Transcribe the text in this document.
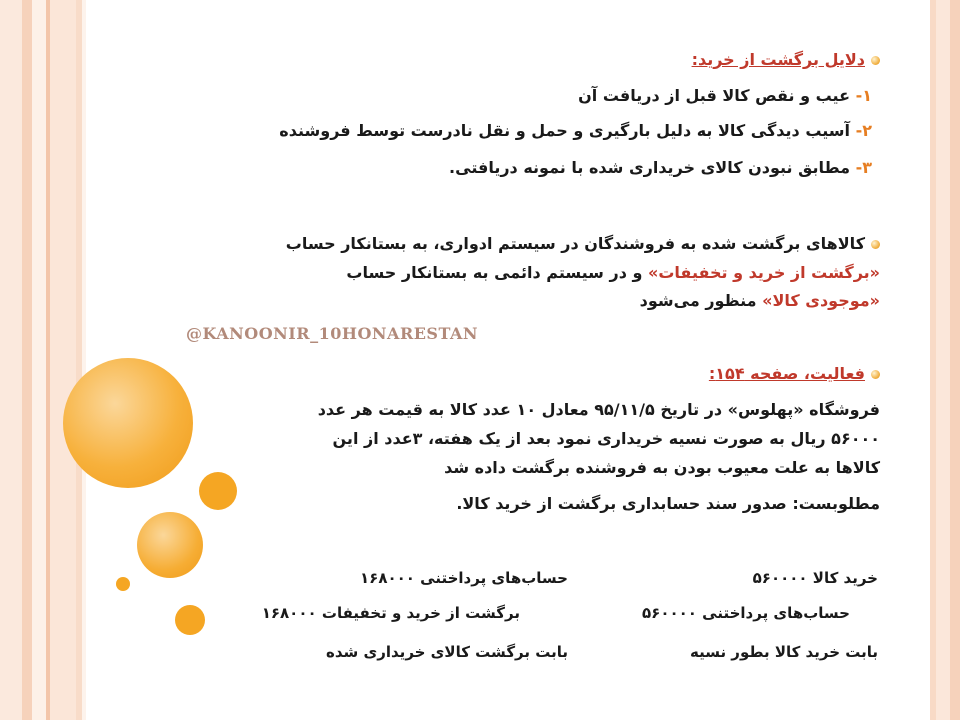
دلایل برگشت از خرید:
۱- عیب و نقص کالا قبل از دریافت آن
۲- آسیب دیدگی کالا به دلیل بارگیری و حمل و نقل نادرست توسط فروشنده
۳- مطابق نبودن کالای خریداری شده با نمونه دریافتی.
کالاهای برگشت شده به فروشندگان در سیستم ادواری، به بستانکار حساب
«برگشت از خرید و تخفیفات» و در سیستم دائمی به بستانکار حساب
«موجودی کالا» منظور می‌شود
فعالیت، صفحه ۱۵۴:
فروشگاه «پهلوس» در تاریخ ۹۵/۱۱/۵ معادل ۱۰ عدد کالا به قیمت هر عدد
۵۶۰۰۰ ریال به صورت نسیه خریداری نمود بعد از یک هفته، ۳عدد از این
کالاها به علت معیوب بودن به فروشنده برگشت داده شد
مطلوبست: صدور سند حسابداری برگشت از خرید کالا.
@KANOONIR_10HONARESTAN
خرید کالا ۵۶۰۰۰۰
حساب‌های پرداختنی ۵۶۰۰۰۰
بابت خرید کالا بطور نسیه
حساب‌های پرداختنی ۱۶۸۰۰۰
برگشت از خرید و تخفیفات ۱۶۸۰۰۰
بابت برگشت کالای خریداری شده
